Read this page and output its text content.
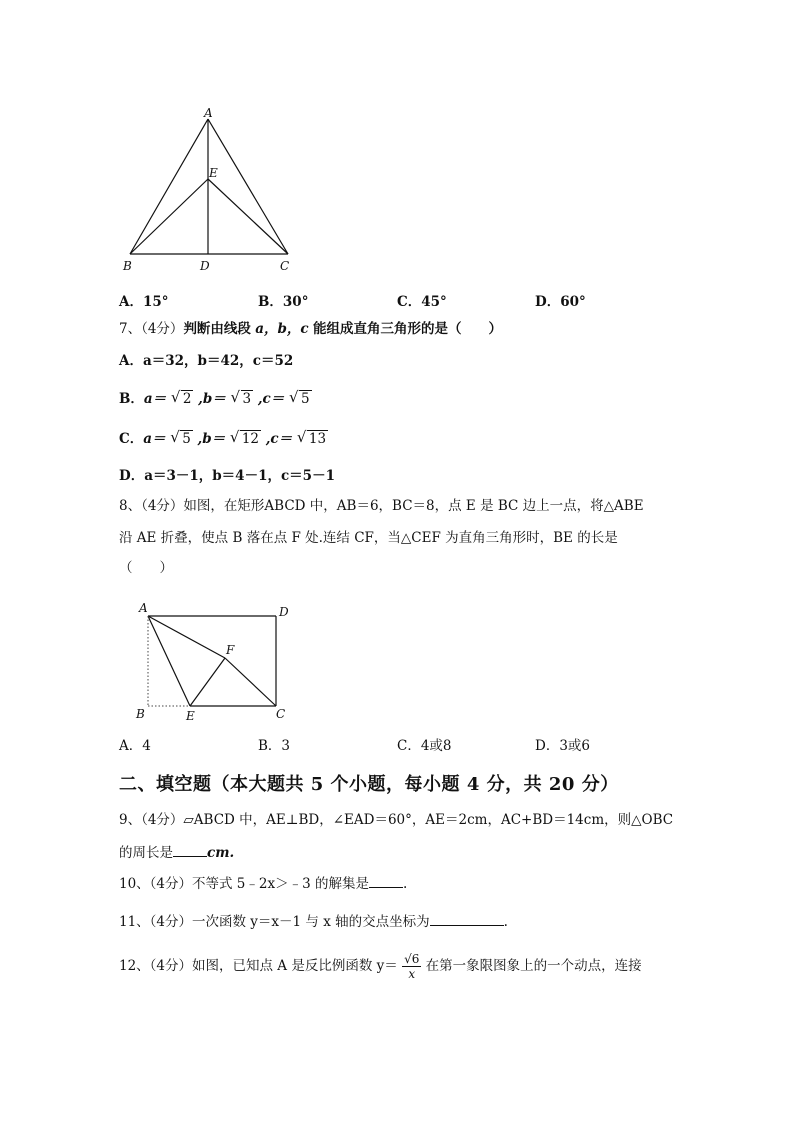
A
E
B	D	C
A．15°	B．30°	C．45°	D．60°
7、（4分）判断由线段 a，b，c 能组成直角三角形的是（　　）
A．a＝32，b＝42，c＝52
B．a＝ √ 2 ,b＝ √ 3 ,c＝ √ 5
C．a＝ √ 5 ,b＝ √ 12 ,c＝ √ 13
D．a＝3－1，b＝4－1，c＝5－1
8、（4分）如图，在矩形ABCD 中，AB＝6，BC＝8，点 E 是 BC 边上一点，将△ABE
沿 AE 折叠，使点 B 落在点 F 处.连结 CF，当△CEF 为直角三角形时，BE 的长是
（　　）
A	D
F
B	E	C
A．4	B．3	C．4或8	D．3或6
二、填空题（本大题共 5 个小题，每小题 4 分，共 20 分）
9、（4分）▱ABCD 中，AE⊥BD，∠EAD＝60°，AE＝2cm，AC+BD＝14cm，则△OBC
的周长是	cm.
10、（4分）不等式 5﹣2x＞﹣3 的解集是	.
11、（4分）一次函数 y＝x－1 与 x 轴的交点坐标为	.
12、（4分）如图，已知点 A 是反比例函数 $y= \frac{√6}{x}$ 在第一象限图象上的一个动点，连接
